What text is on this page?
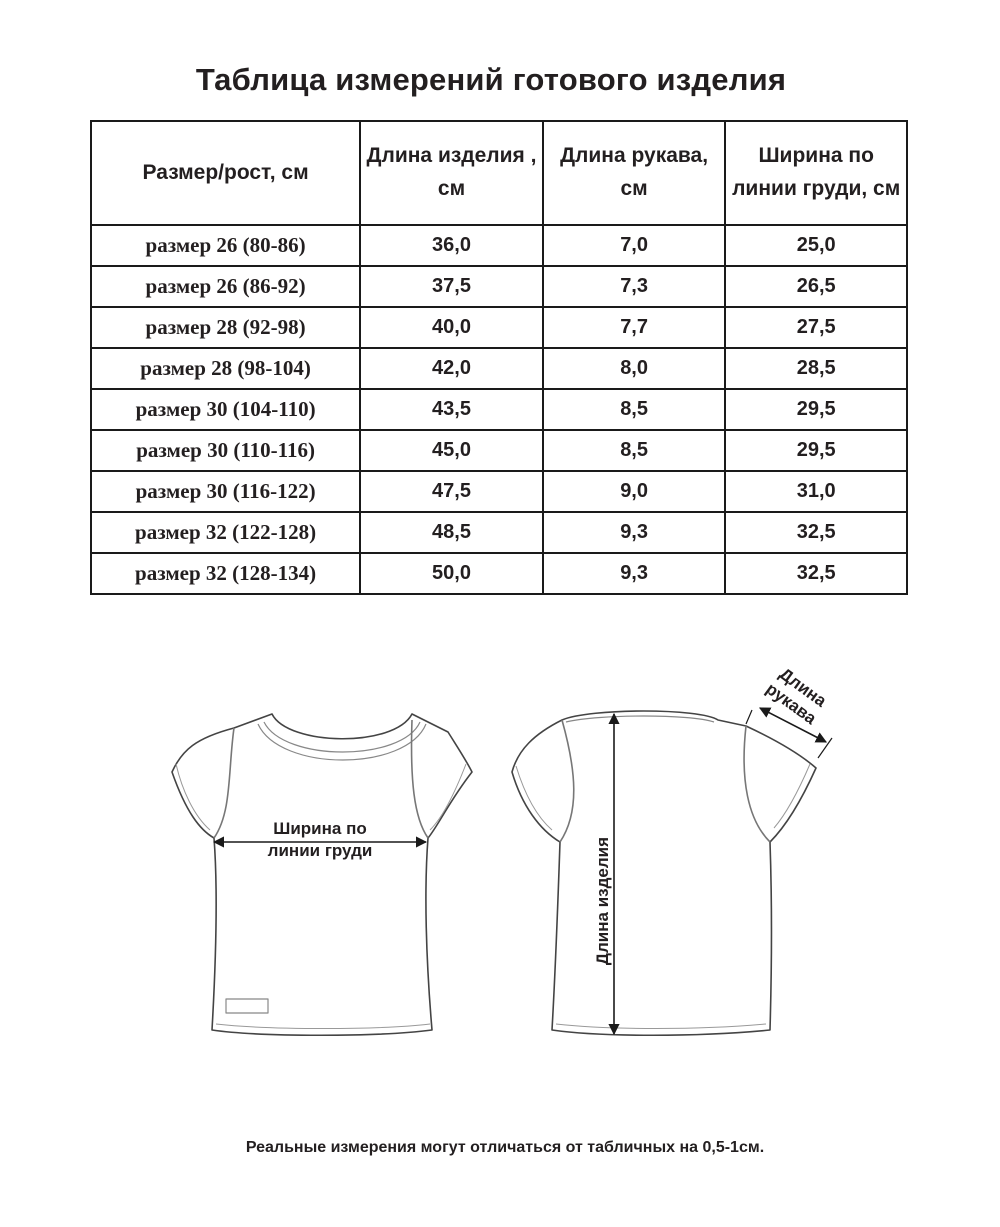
Таблица измерений готового изделия
Размер/рост, см	Длина изделия , см	Длина рукава, см	Ширина по линии груди, см
размер 26 (80-86)	36,0	7,0	25,0
размер 26 (86-92)	37,5	7,3	26,5
размер 28 (92-98)	40,0	7,7	27,5
размер 28 (98-104)	42,0	8,0	28,5
размер 30 (104-110)	43,5	8,5	29,5
размер 30 (110-116)	45,0	8,5	29,5
размер 30 (116-122)	47,5	9,0	31,0
размер 32 (122-128)	48,5	9,3	32,5
размер 32 (128-134)	50,0	9,3	32,5
Ширина по линии груди	Длина изделия
Длина рукава
Реальные измерения могут отличаться от табличных на 0,5-1см.
